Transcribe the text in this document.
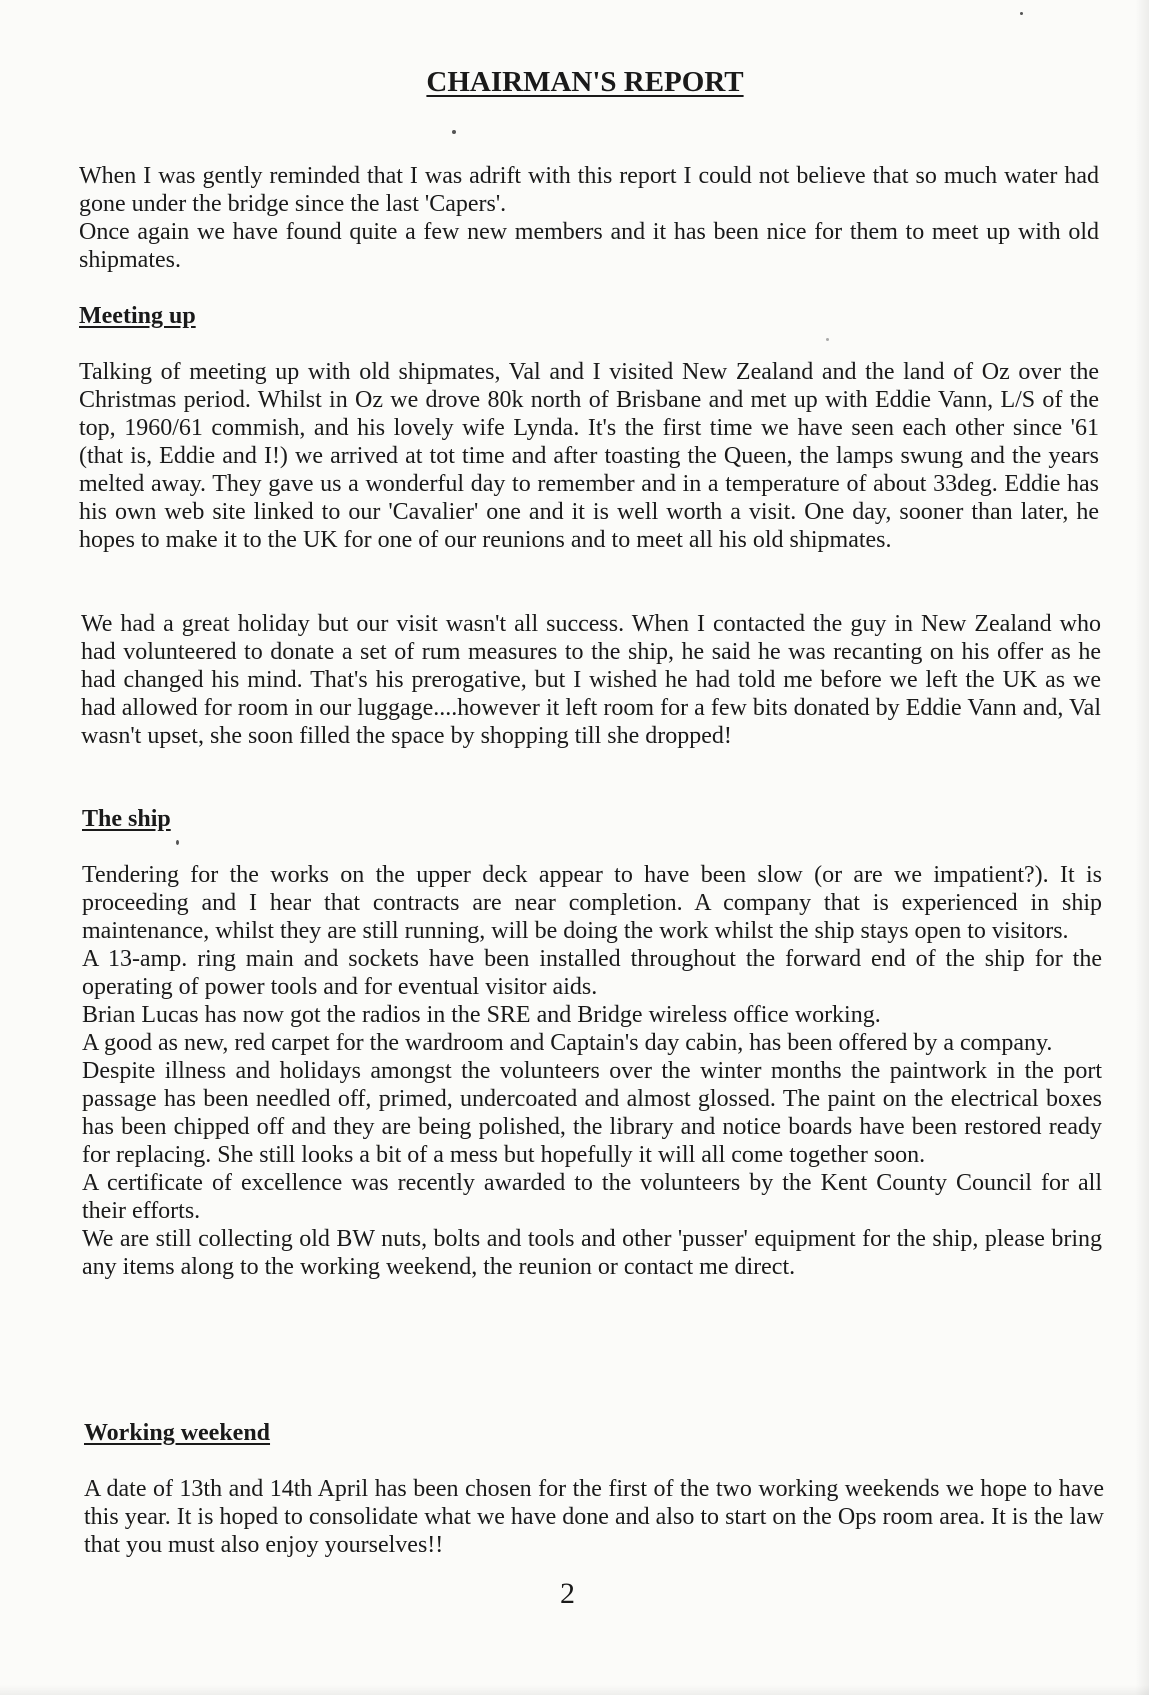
CHAIRMAN'S REPORT
When I was gently reminded that I was adrift with this report I could not believe that so much water had gone under the bridge since the last 'Capers'.
Once again we have found quite a few new members and it has been nice for them to meet up with old shipmates.
Meeting up

Talking of meeting up with old shipmates, Val and I visited New Zealand and the land of Oz over the Christmas period. Whilst in Oz we drove 80k north of Brisbane and met up with Eddie Vann, L/S of the top, 1960/61 commish, and his lovely wife Lynda. It's the first time we have seen each other since '61 (that is, Eddie and I!) we arrived at tot time and after toasting the Queen, the lamps swung and the years melted away. They gave us a wonderful day to remember and in a temperature of about 33deg. Eddie has his own web site linked to our 'Cavalier' one and it is well worth a visit. One day, sooner than later, he hopes to make it to the UK for one of our reunions and to meet all his old shipmates.

We had a great holiday but our visit wasn't all success. When I contacted the guy in New Zealand who had volunteered to donate a set of rum measures to the ship, he said he was recanting on his offer as he had changed his mind. That's his prerogative, but I wished he had told me before we left the UK as we had allowed for room in our luggage....however it left room for a few bits donated by Eddie Vann and, Val wasn't upset, she soon filled the space by shopping till she dropped!

The ship
Tendering for the works on the upper deck appear to have been slow (or are we impatient?). It is proceeding and I hear that contracts are near completion. A company that is experienced in ship maintenance, whilst they are still running, will be doing the work whilst the ship stays open to visitors.
A 13-amp. ring main and sockets have been installed throughout the forward end of the ship for the operating of power tools and for eventual visitor aids.
Brian Lucas has now got the radios in the SRE and Bridge wireless office working.
A good as new, red carpet for the wardroom and Captain's day cabin, has been offered by a company.
Despite illness and holidays amongst the volunteers over the winter months the paintwork in the port passage has been needled off, primed, undercoated and almost glossed. The paint on the electrical boxes has been chipped off and they are being polished, the library and notice boards have been restored ready for replacing. She still looks a bit of a mess but hopefully it will all come together soon.
A certificate of excellence was recently awarded to the volunteers by the Kent County Council for all their efforts.
We are still collecting old BW nuts, bolts and tools and other 'pusser' equipment for the ship, please bring any items along to the working weekend, the reunion or contact me direct.
Working weekend

A date of 13th and 14th April has been chosen for the first of the two working weekends we hope to have this year. It is hoped to consolidate what we have done and also to start on the Ops room area. It is the law that you must also enjoy yourselves!!

2
